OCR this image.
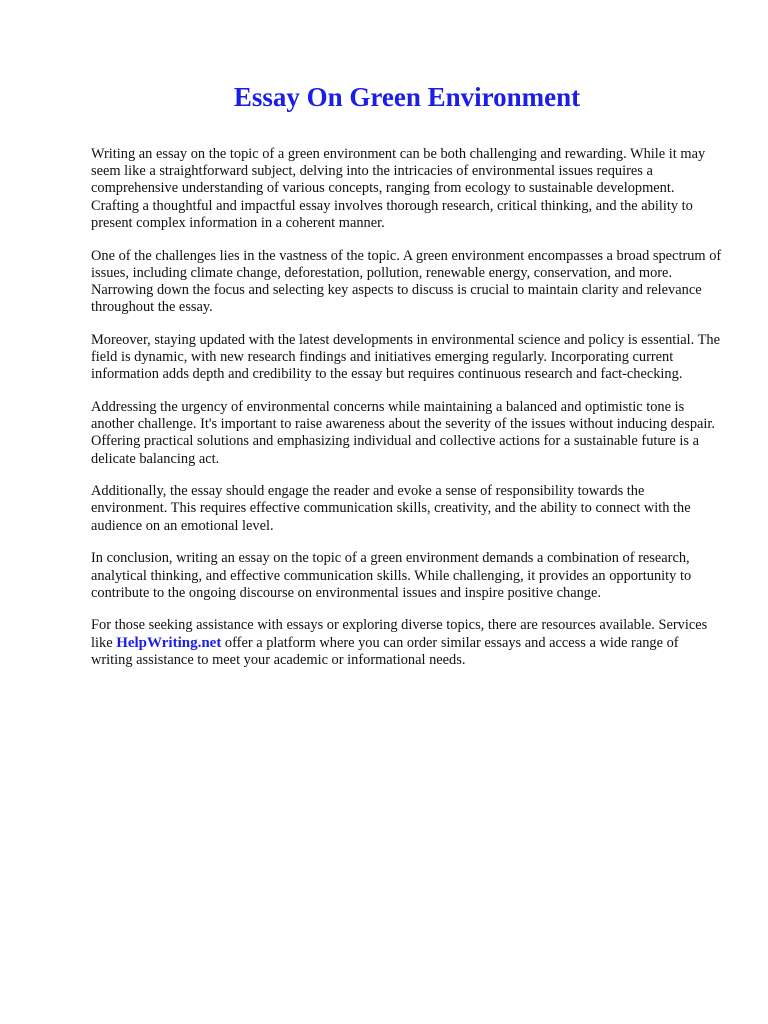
Essay On Green Environment

Writing an essay on the topic of a green environment can be both challenging and rewarding. While it may seem like a straightforward subject, delving into the intricacies of environmental issues requires a comprehensive understanding of various concepts, ranging from ecology to sustainable development. Crafting a thoughtful and impactful essay involves thorough research, critical thinking, and the ability to present complex information in a coherent manner.

One of the challenges lies in the vastness of the topic. A green environment encompasses a broad spectrum of issues, including climate change, deforestation, pollution, renewable energy, conservation, and more. Narrowing down the focus and selecting key aspects to discuss is crucial to maintain clarity and relevance throughout the essay.

Moreover, staying updated with the latest developments in environmental science and policy is essential. The field is dynamic, with new research findings and initiatives emerging regularly. Incorporating current information adds depth and credibility to the essay but requires continuous research and fact-checking.

Addressing the urgency of environmental concerns while maintaining a balanced and optimistic tone is another challenge. It's important to raise awareness about the severity of the issues without inducing despair. Offering practical solutions and emphasizing individual and collective actions for a sustainable future is a delicate balancing act.

Additionally, the essay should engage the reader and evoke a sense of responsibility towards the environment. This requires effective communication skills, creativity, and the ability to connect with the audience on an emotional level.

In conclusion, writing an essay on the topic of a green environment demands a combination of research, analytical thinking, and effective communication skills. While challenging, it provides an opportunity to contribute to the ongoing discourse on environmental issues and inspire positive change.

For those seeking assistance with essays or exploring diverse topics, there are resources available. Services like HelpWriting.net offer a platform where you can order similar essays and access a wide range of writing assistance to meet your academic or informational needs.
